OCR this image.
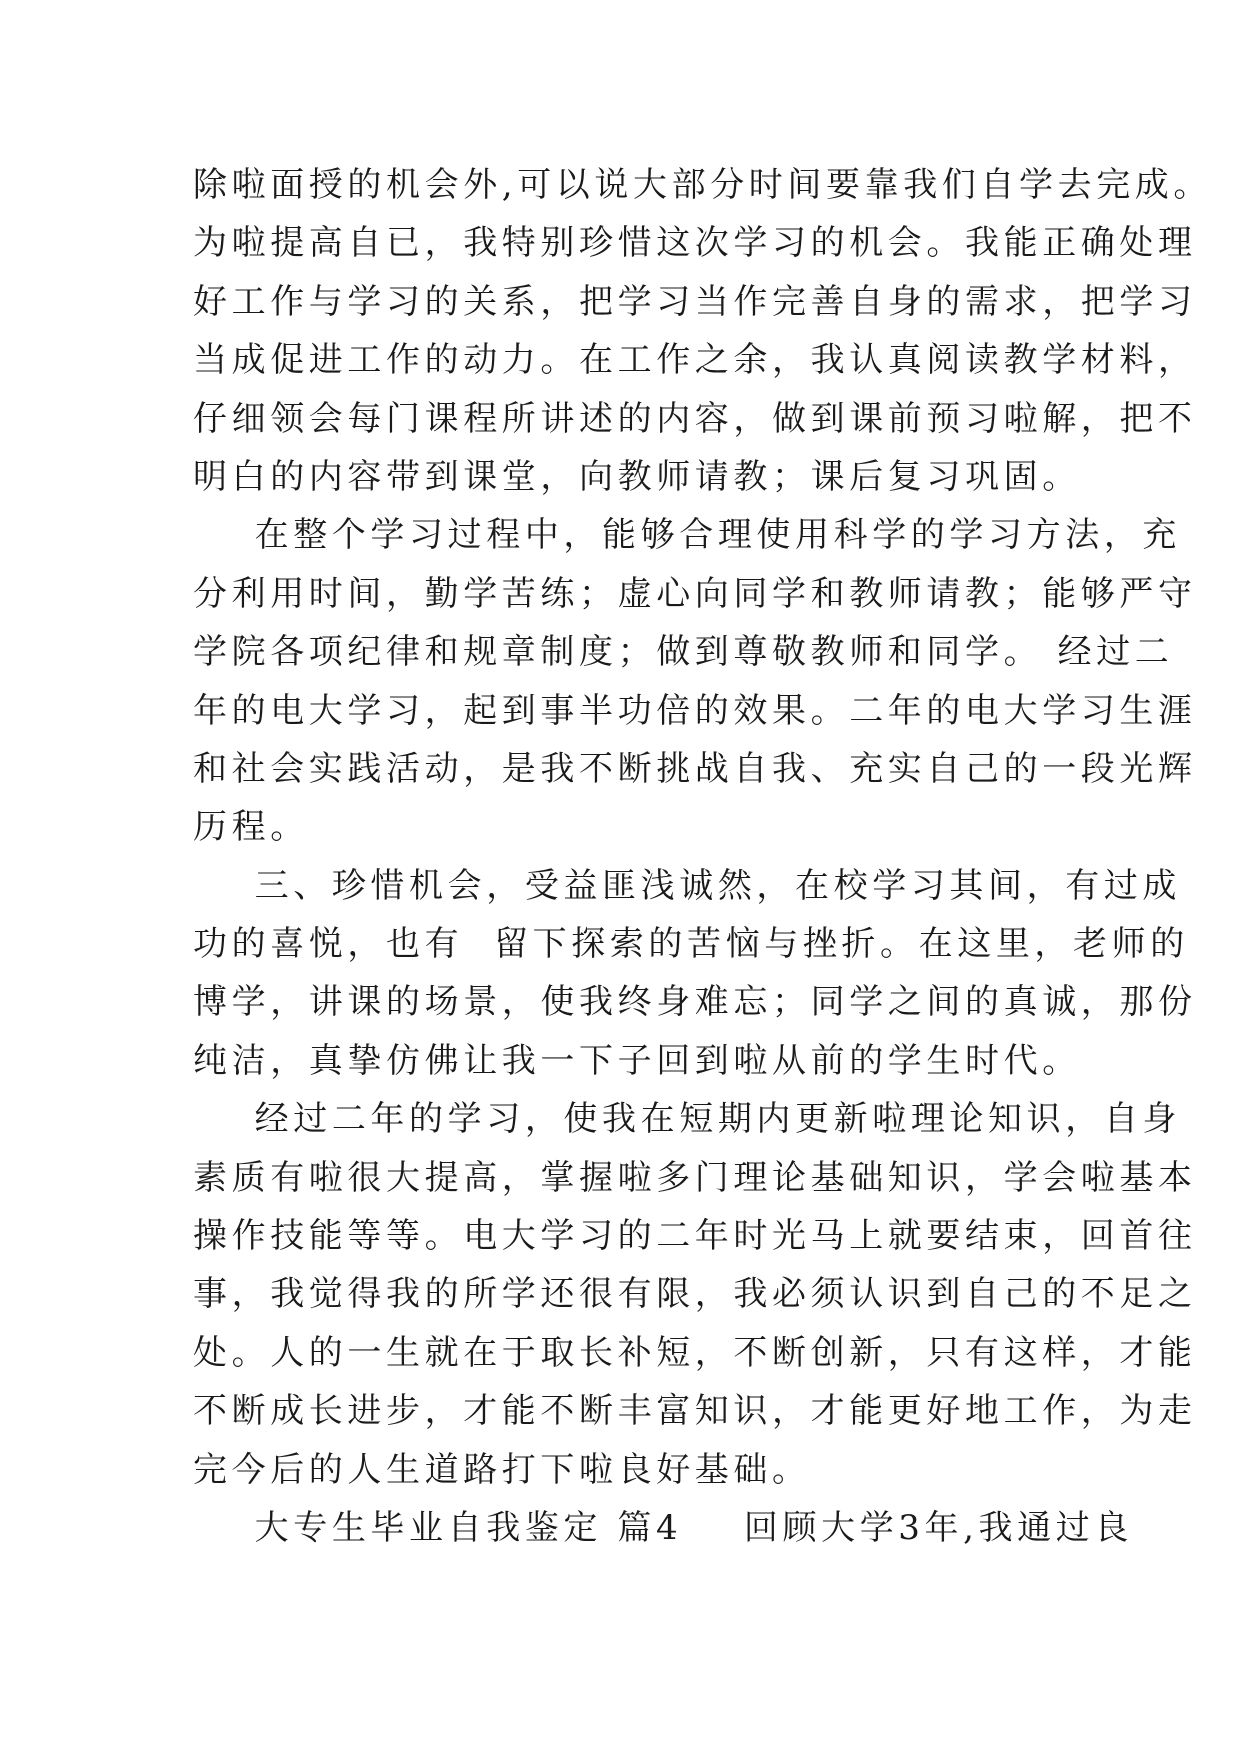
除啦面授的机会外,可以说大部分时间要靠我们自学去完成。
为啦提高自已，我特别珍惜这次学习的机会。我能正确处理
好工作与学习的关系，把学习当作完善自身的需求，把学习
当成促进工作的动力。在工作之余，我认真阅读教学材料，
仔细领会每门课程所讲述的内容，做到课前预习啦解，把不
明白的内容带到课堂，向教师请教；课后复习巩固。
在整个学习过程中，能够合理使用科学的学习方法，充
分利用时间，勤学苦练；虚心向同学和教师请教；能够严守
学院各项纪律和规章制度；做到尊敬教师和同学。 经过二
年的电大学习，起到事半功倍的效果。二年的电大学习生涯
和社会实践活动，是我不断挑战自我、充实自己的一段光辉
历程。
三、珍惜机会，受益匪浅诚然，在校学习其间，有过成
功的喜悦，也有  留下探索的苦恼与挫折。在这里，老师的
博学，讲课的场景，使我终身难忘；同学之间的真诚，那份
纯洁，真挚仿佛让我一下子回到啦从前的学生时代。
经过二年的学习，使我在短期内更新啦理论知识，自身
素质有啦很大提高，掌握啦多门理论基础知识，学会啦基本
操作技能等等。电大学习的二年时光马上就要结束，回首往
事，我觉得我的所学还很有限，我必须认识到自己的不足之
处。人的一生就在于取长补短，不断创新，只有这样，才能
不断成长进步，才能不断丰富知识，才能更好地工作，为走
完今后的人生道路打下啦良好基础。
大专生毕业自我鉴定 篇4    回顾大学3年,我通过良
